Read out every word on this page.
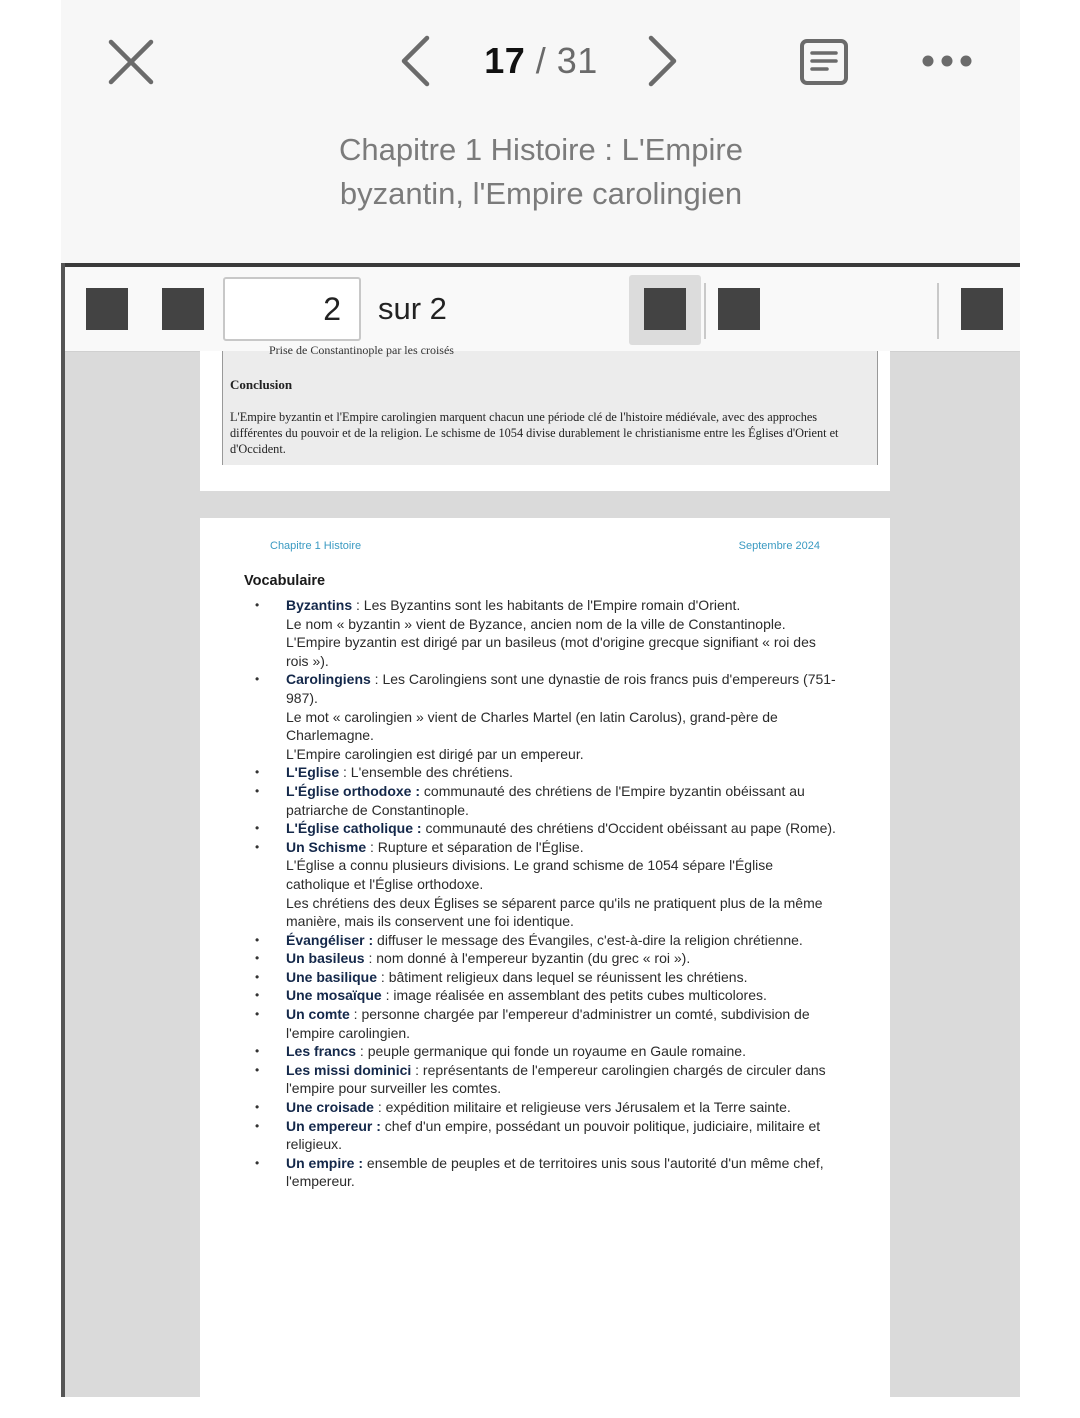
17 / 31
Chapitre 1 Histoire : L'Empire byzantin, l'Empire carolingien
2
sur 2
Prise de Constantinople par les croisés
Conclusion
L'Empire byzantin et l'Empire carolingien marquent chacun une période clé de l'histoire médiévale, avec des approches différentes du pouvoir et de la religion. Le schisme de 1054 divise durablement le christianisme entre les Églises d'Orient et d'Occident.
Chapitre 1 Histoire	Septembre 2024
Vocabulaire
• Byzantins : Les Byzantins sont les habitants de l'Empire romain d'Orient.
Le nom « byzantin » vient de Byzance, ancien nom de la ville de Constantinople.
L'Empire byzantin est dirigé par un basileus (mot d'origine grecque signifiant « roi des rois »).
• Carolingiens : Les Carolingiens sont une dynastie de rois francs puis d'empereurs (751-987).
Le mot « carolingien » vient de Charles Martel (en latin Carolus), grand-père de Charlemagne.
L'Empire carolingien est dirigé par un empereur.
• L'Eglise : L'ensemble des chrétiens.
• L'Église orthodoxe : communauté des chrétiens de l'Empire byzantin obéissant au patriarche de Constantinople.
• L'Église catholique : communauté des chrétiens d'Occident obéissant au pape (Rome).
• Un Schisme : Rupture et séparation de l'Église.
L'Église a connu plusieurs divisions. Le grand schisme de 1054 sépare l'Église catholique et l'Église orthodoxe.
Les chrétiens des deux Églises se séparent parce qu'ils ne pratiquent plus de la même manière, mais ils conservent une foi identique.
• Évangéliser : diffuser le message des Évangiles, c'est-à-dire la religion chrétienne.
• Un basileus : nom donné à l'empereur byzantin (du grec « roi »).
• Une basilique : bâtiment religieux dans lequel se réunissent les chrétiens.
• Une mosaïque : image réalisée en assemblant des petits cubes multicolores.
• Un comte : personne chargée par l'empereur d'administrer un comté, subdivision de l'empire carolingien.
• Les francs : peuple germanique qui fonde un royaume en Gaule romaine.
• Les missi dominici : représentants de l'empereur carolingien chargés de circuler dans l'empire pour surveiller les comtes.
• Une croisade : expédition militaire et religieuse vers Jérusalem et la Terre sainte.
• Un empereur : chef d'un empire, possédant un pouvoir politique, judiciaire, militaire et religieux.
• Un empire : ensemble de peuples et de territoires unis sous l'autorité d'un même chef, l'empereur.
